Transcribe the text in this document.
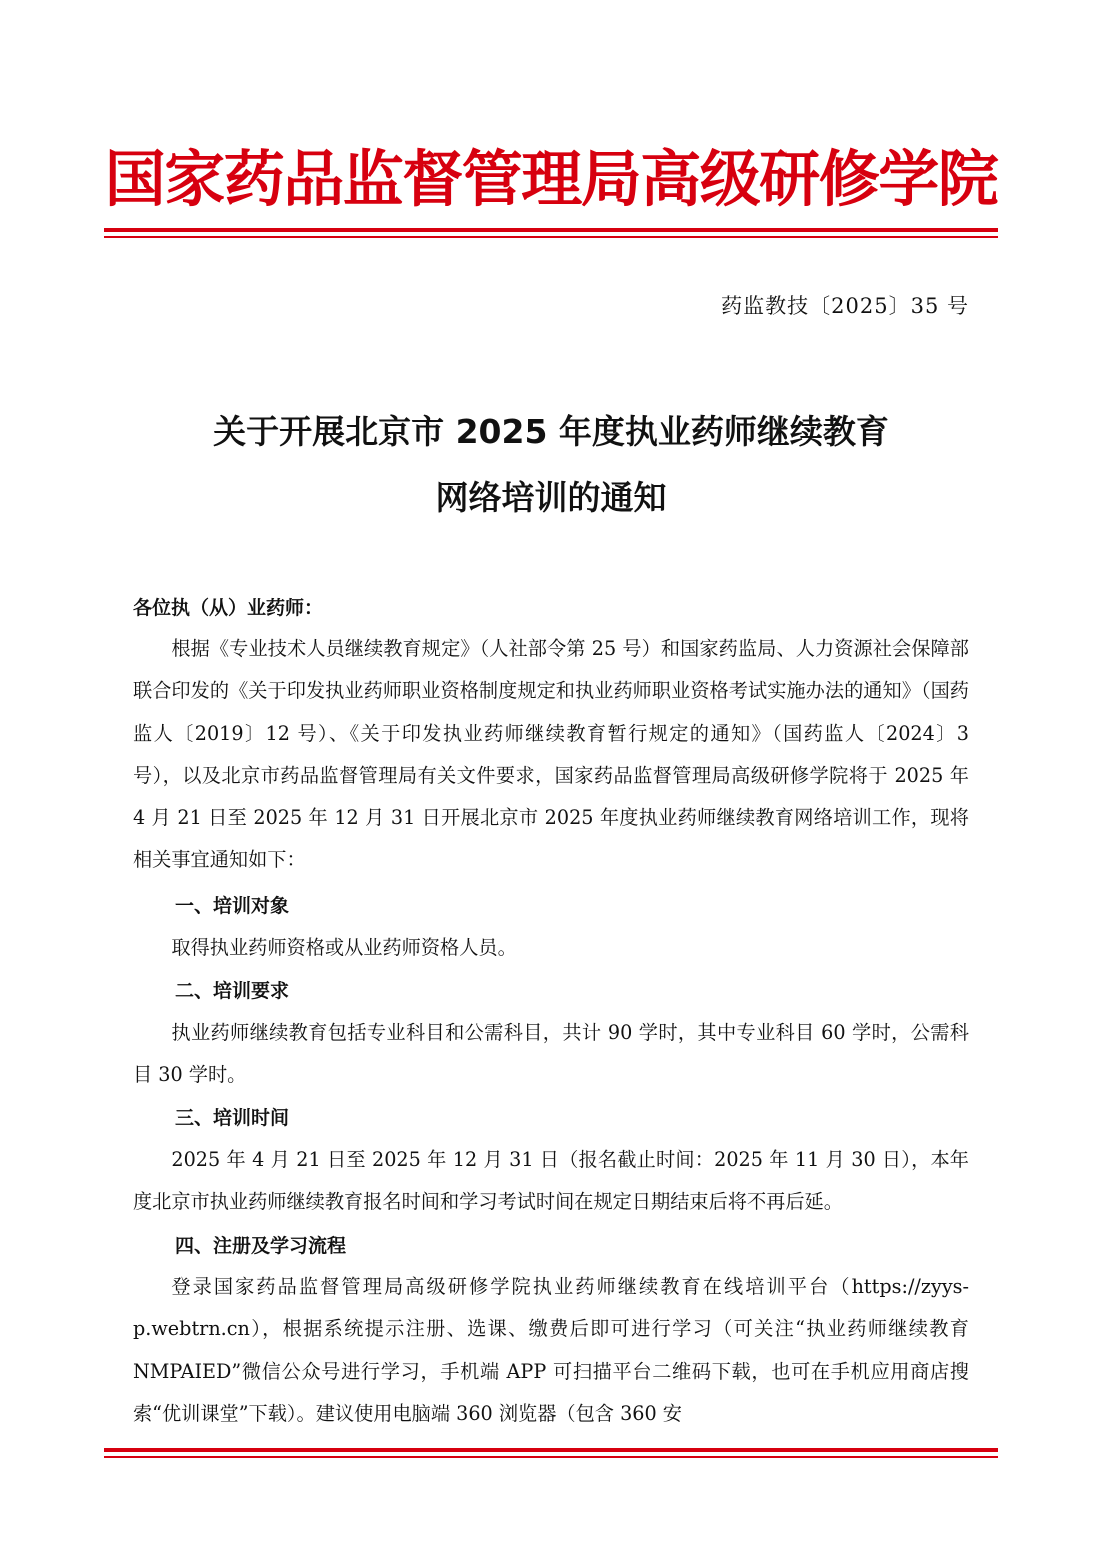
国家药品监督管理局高级研修学院
药监教技〔2025〕35 号
关于开展北京市 2025 年度执业药师继续教育
网络培训的通知
各位执（从）业药师：
根据《专业技术人员继续教育规定》（人社部令第 25 号）和国家药监局、人力资源社会保障部联合印发的《关于印发执业药师职业资格制度规定和执业药师职业资格考试实施办法的通知》（国药监人〔2019〕12 号）、《关于印发执业药师继续教育暂行规定的通知》（国药监人〔2024〕3 号），以及北京市药品监督管理局有关文件要求，国家药品监督管理局高级研修学院将于 2025 年 4 月 21 日至 2025 年 12 月 31 日开展北京市 2025 年度执业药师继续教育网络培训工作，现将相关事宜通知如下：
一、培训对象
取得执业药师资格或从业药师资格人员。
二、培训要求
执业药师继续教育包括专业科目和公需科目，共计 90 学时，其中专业科目 60 学时，公需科目 30 学时。
三、培训时间
2025 年 4 月 21 日至 2025 年 12 月 31 日（报名截止时间：2025 年 11 月 30 日），本年度北京市执业药师继续教育报名时间和学习考试时间在规定日期结束后将不再后延。
四、注册及学习流程
登录国家药品监督管理局高级研修学院执业药师继续教育在线培训平台（https://zyys-p.webtrn.cn），根据系统提示注册、选课、缴费后即可进行学习（可关注“执业药师继续教育 NMPAIED”微信公众号进行学习，手机端 APP 可扫描平台二维码下载，也可在手机应用商店搜索“优训课堂”下载）。建议使用电脑端 360 浏览器（包含 360 安
